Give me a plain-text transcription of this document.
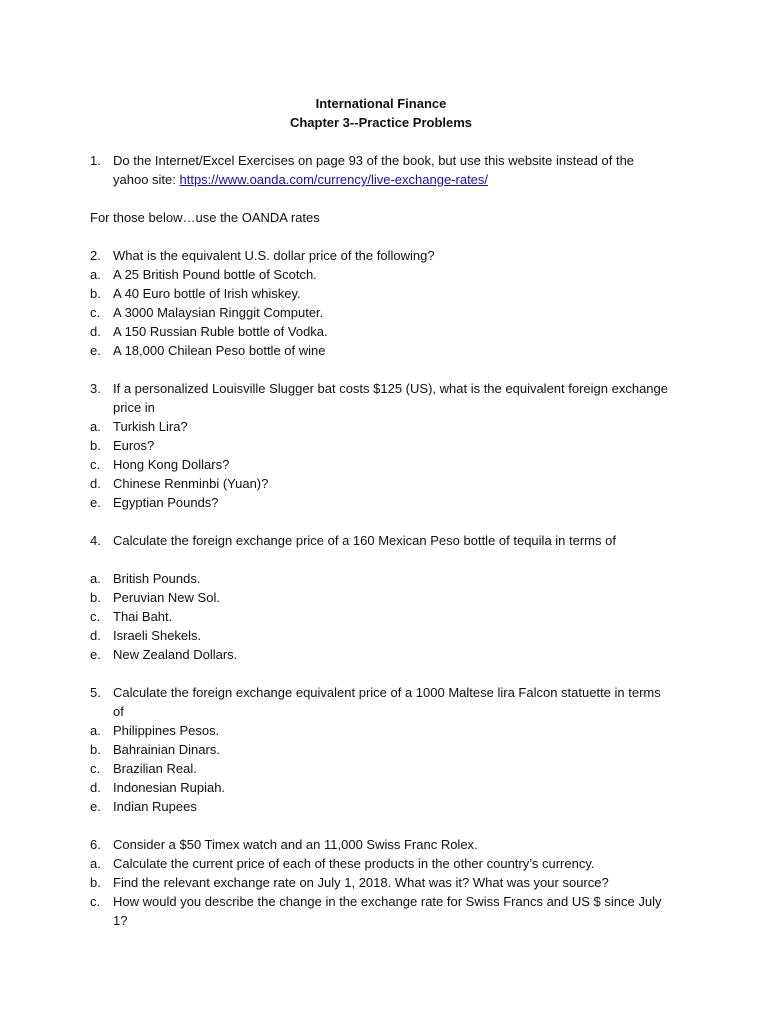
International Finance
Chapter 3--Practice Problems
1. Do the Internet/Excel Exercises on page 93 of the book, but use this website instead of the yahoo site: https://www.oanda.com/currency/live-exchange-rates/
For those below…use the OANDA rates
2. What is the equivalent U.S. dollar price of the following?
a. A 25 British Pound bottle of Scotch.
b. A 40 Euro bottle of Irish whiskey.
c. A 3000 Malaysian Ringgit Computer.
d. A 150 Russian Ruble bottle of Vodka.
e. A 18,000 Chilean Peso bottle of wine
3. If a personalized Louisville Slugger bat costs $125 (US), what is the equivalent foreign exchange price in
a. Turkish Lira?
b. Euros?
c. Hong Kong Dollars?
d. Chinese Renminbi (Yuan)?
e. Egyptian Pounds?
4. Calculate the foreign exchange price of a 160 Mexican Peso bottle of tequila in terms of
a. British Pounds.
b. Peruvian New Sol.
c. Thai Baht.
d. Israeli Shekels.
e. New Zealand Dollars.
5. Calculate the foreign exchange equivalent price of a 1000 Maltese lira Falcon statuette in terms of
a. Philippines Pesos.
b. Bahrainian Dinars.
c. Brazilian Real.
d. Indonesian Rupiah.
e. Indian Rupees
6. Consider a $50 Timex watch and an 11,000 Swiss Franc Rolex.
a. Calculate the current price of each of these products in the other country’s currency.
b. Find the relevant exchange rate on July 1, 2018. What was it? What was your source?
c. How would you describe the change in the exchange rate for Swiss Francs and US $ since July 1?
